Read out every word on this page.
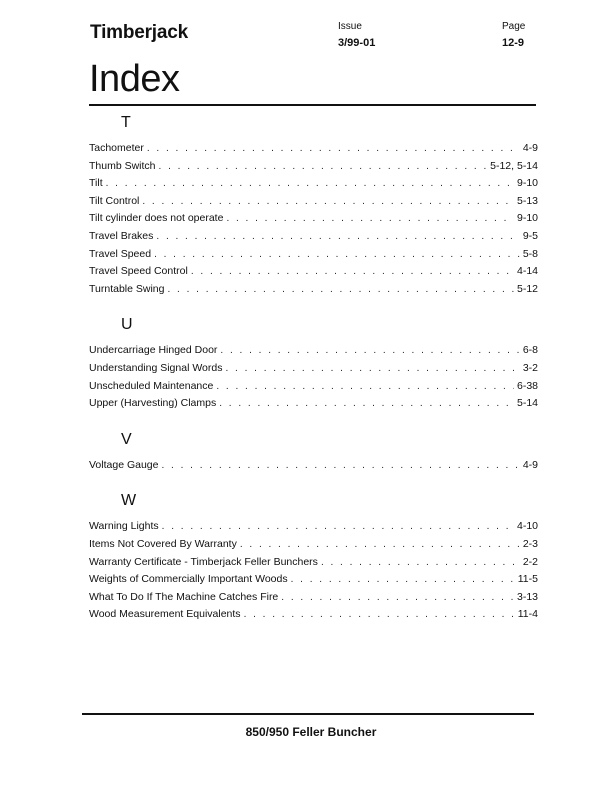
Timberjack	Issue
3/99-01
Page
12-9
Index
T
Tachometer . . .	4-9
Thumb Switch . . .	5-12, 5-14
Tilt . . .	9-10
Tilt Control . . .	5-13
Tilt cylinder does not operate . . .	9-10
Travel Brakes . . .	9-5
Travel Speed . . .	5-8
Travel Speed Control . . .	4-14
Turntable Swing . . .	5-12
U
Undercarriage Hinged Door . . .	6-8
Understanding Signal Words . . .	3-2
Unscheduled Maintenance . . .	6-38
Upper (Harvesting) Clamps . . .	5-14
V
Voltage Gauge . . .	4-9
W
Warning Lights . . .	4-10
Items Not Covered By Warranty . . .	2-3
Warranty Certificate - Timberjack Feller Bunchers . . .	2-2
Weights of Commercially Important Woods . . .	11-5
What To Do If The Machine Catches Fire . . .	3-13
Wood Measurement Equivalents . . .	11-4
850/950 Feller Buncher
